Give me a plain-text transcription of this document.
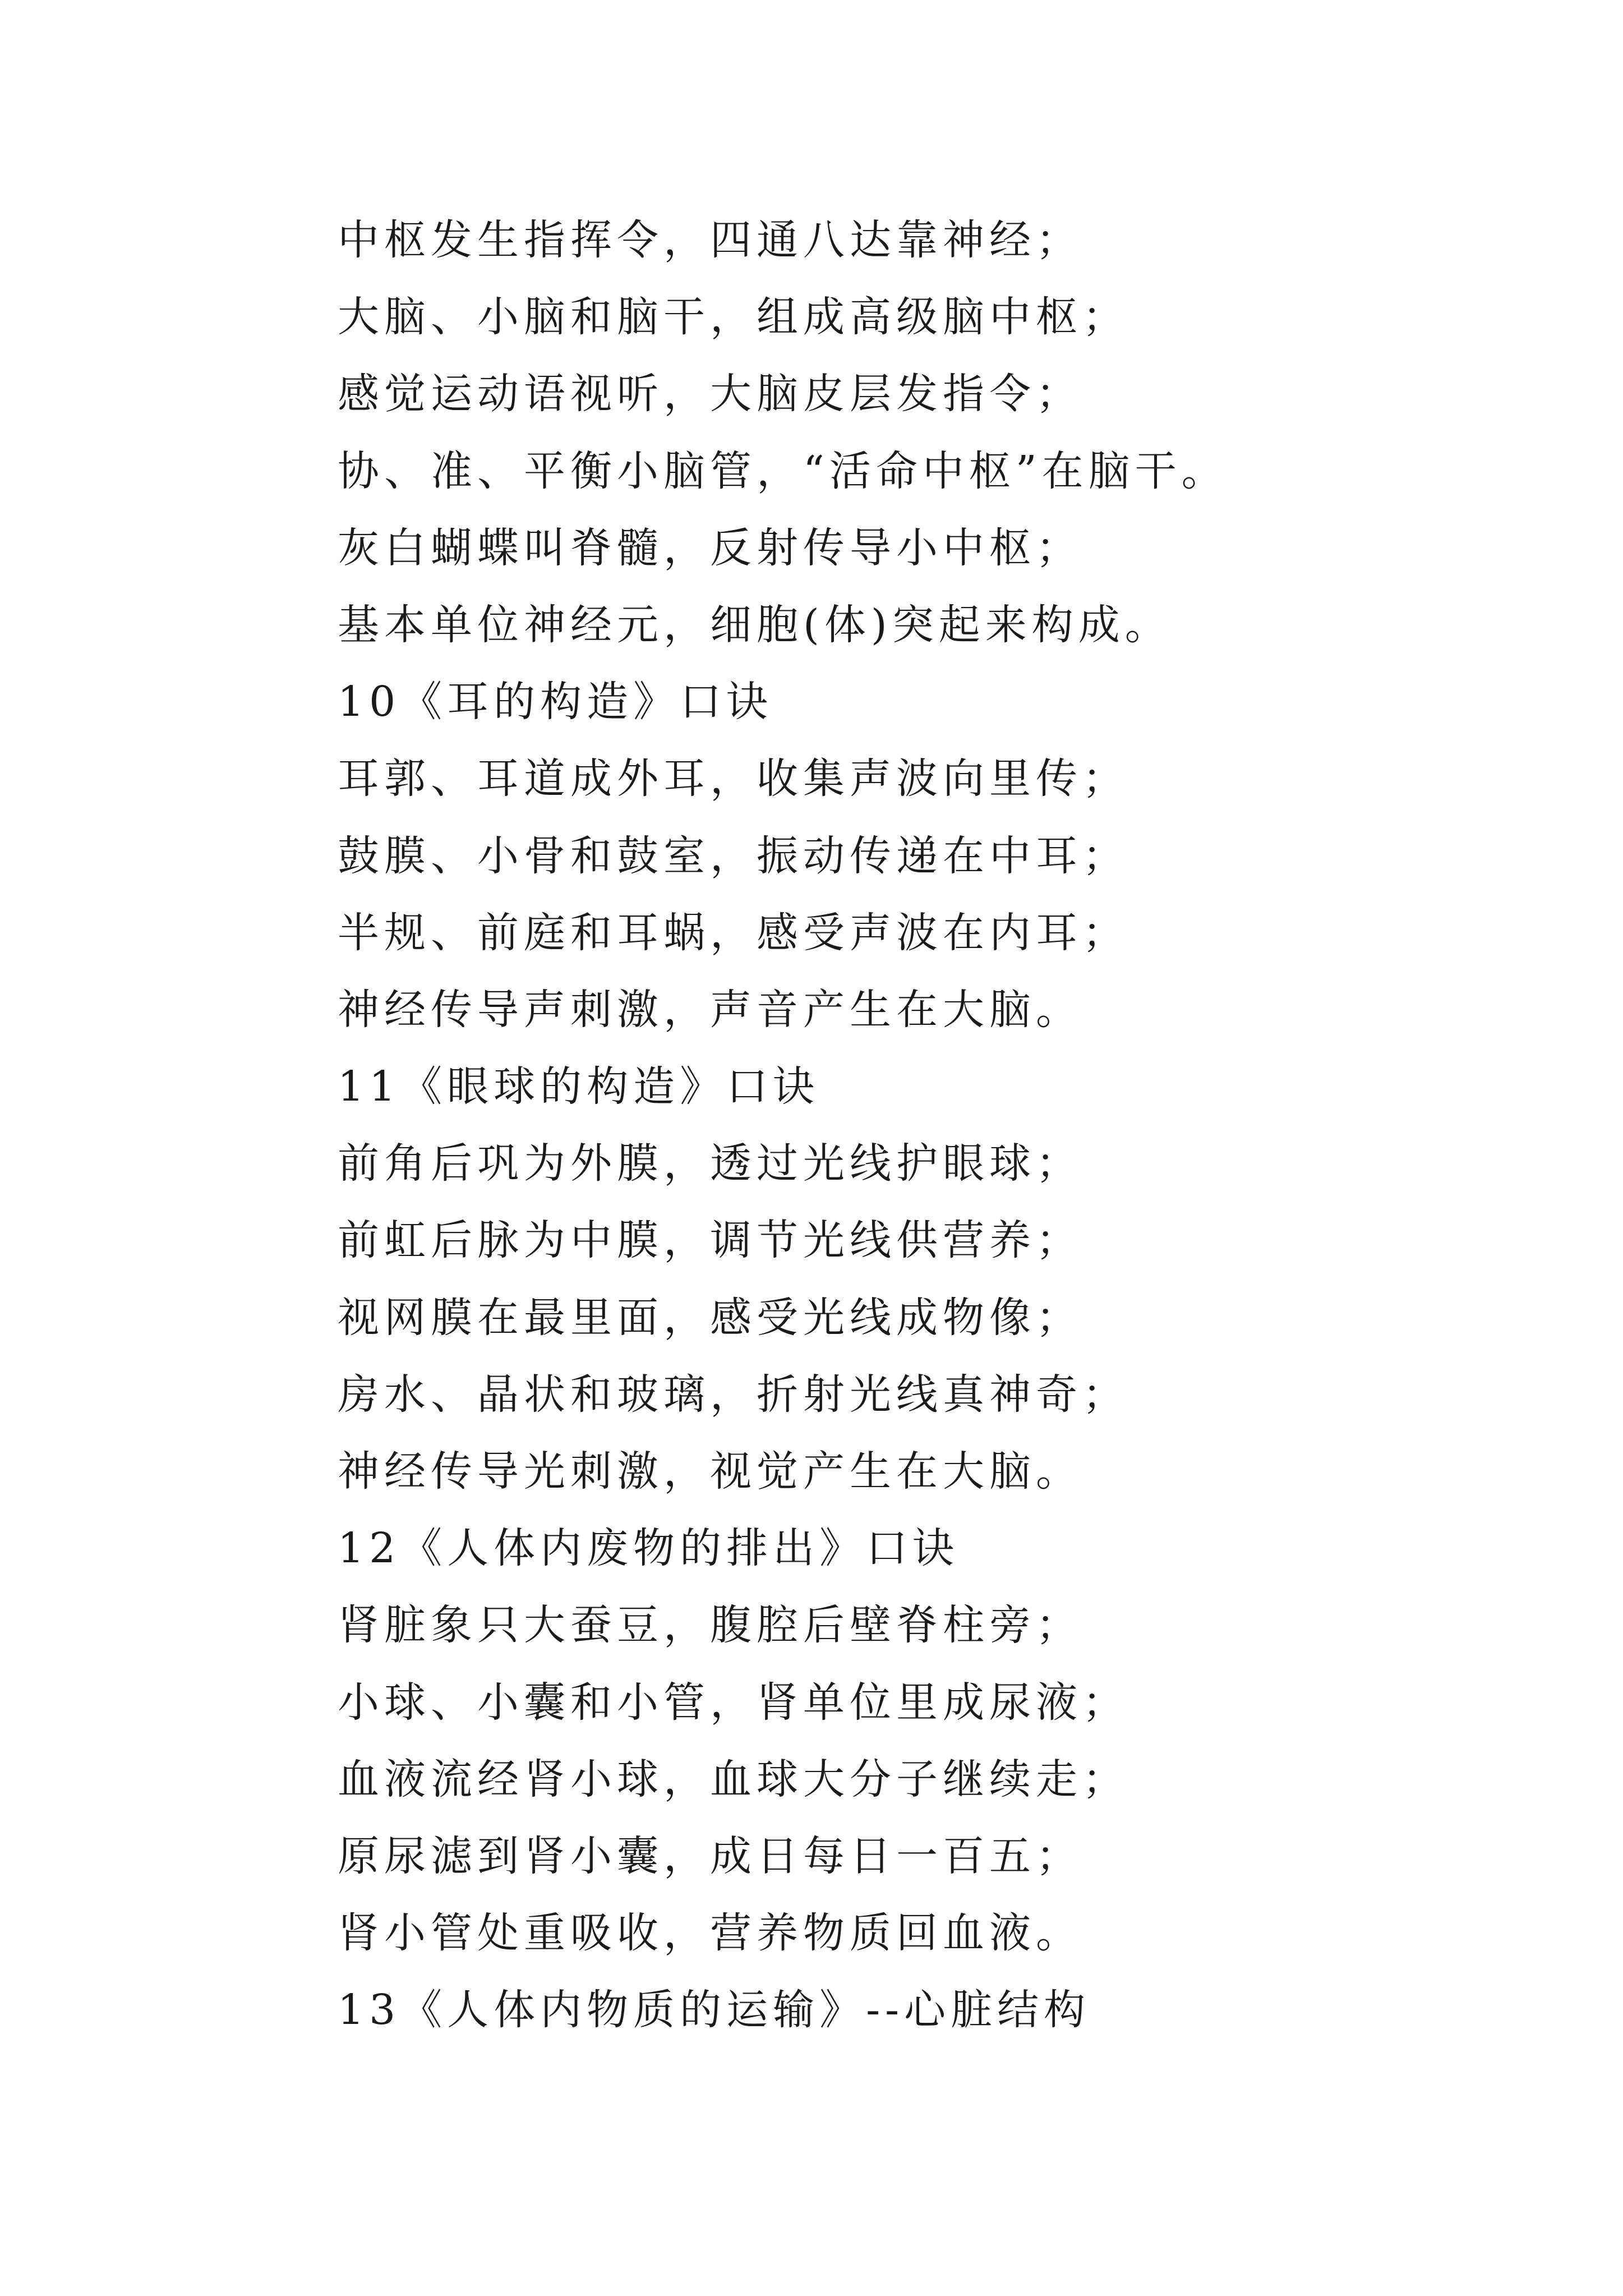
中枢发生指挥令，四通八达靠神经；
大脑、小脑和脑干，组成高级脑中枢；
感觉运动语视听，大脑皮层发指令；
协、准、平衡小脑管，“活命中枢”在脑干。
灰白蝴蝶叫脊髓，反射传导小中枢；
基本单位神经元，细胞(体)突起来构成。
10《耳的构造》口诀
耳郭、耳道成外耳，收集声波向里传；
鼓膜、小骨和鼓室，振动传递在中耳；
半规、前庭和耳蜗，感受声波在内耳；
神经传导声刺激，声音产生在大脑。
11《眼球的构造》口诀
前角后巩为外膜，透过光线护眼球；
前虹后脉为中膜，调节光线供营养；
视网膜在最里面，感受光线成物像；
房水、晶状和玻璃，折射光线真神奇；
神经传导光刺激，视觉产生在大脑。
12《人体内废物的排出》口诀
肾脏象只大蚕豆，腹腔后壁脊柱旁；
小球、小囊和小管，肾单位里成尿液；
血液流经肾小球，血球大分子继续走；
原尿滤到肾小囊，成日每日一百五；
肾小管处重吸收，营养物质回血液。
13《人体内物质的运输》--心脏结构
